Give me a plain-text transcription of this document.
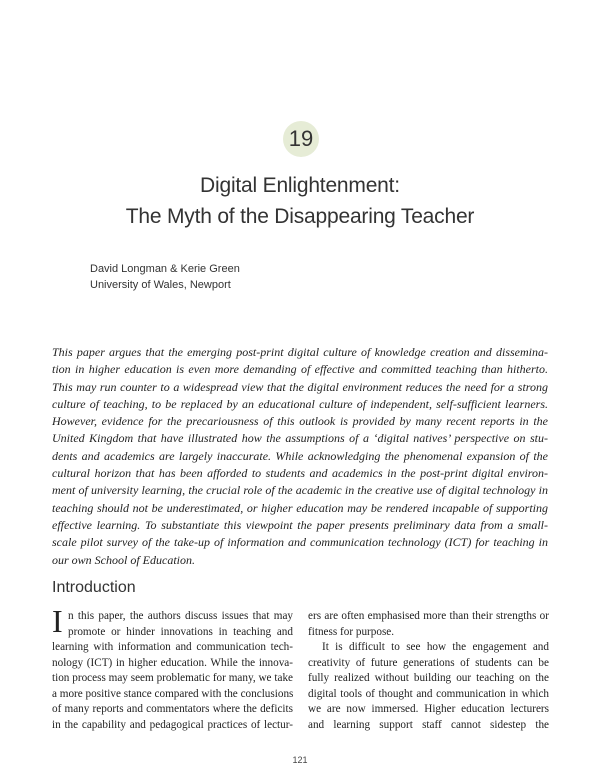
19
Digital Enlightenment:
The Myth of the Disappearing Teacher
David Longman & Kerie Green
University of Wales, Newport
This paper argues that the emerging post-print digital culture of knowledge creation and dissemina-
tion in higher education is even more demanding of effective and committed teaching than hitherto.
This may run counter to a widespread view that the digital environment reduces the need for a strong
culture of teaching, to be replaced by an educational culture of independent, self-sufficient learners.
However, evidence for the precariousness of this outlook is provided by many recent reports in the
United Kingdom that have illustrated how the assumptions of a ‘digital natives’ perspective on stu-
dents and academics are largely inaccurate. While acknowledging the phenomenal expansion of the
cultural horizon that has been afforded to students and academics in the post-print digital environ-
ment of university learning, the crucial role of the academic in the creative use of digital technology in
teaching should not be underestimated, or higher education may be rendered incapable of supporting
effective learning. To substantiate this viewpoint the paper presents preliminary data from a small-
scale pilot survey of the take-up of information and communication technology (ICT) for teaching in
our own School of Education.
Introduction
I n this paper, the authors discuss issues that may
promote or hinder innovations in teaching and
learning with information and communication tech-
nology (ICT) in higher education. While the innova-
tion process may seem problematic for many, we take
a more positive stance compared with the conclusions
of many reports and commentators where the deficits
in the capability and pedagogical practices of lectur-
ers are often emphasised more than their strengths or
fitness for purpose.
It is difficult to see how the engagement and
creativity of future generations of students can be
fully realized without building our teaching on the
digital tools of thought and communication in which
we are now immersed. Higher education lecturers
and learning support staff cannot sidestep the
121
